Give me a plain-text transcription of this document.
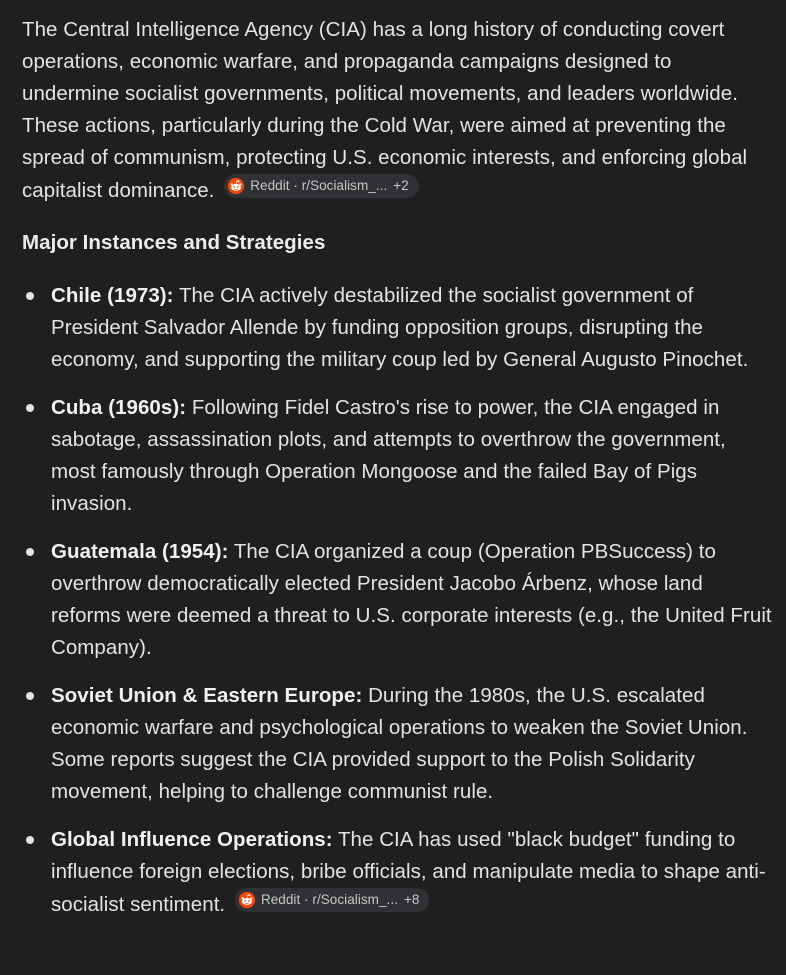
The Central Intelligence Agency (CIA) has a long history of conducting covert operations, economic warfare, and propaganda campaigns designed to undermine socialist governments, political movements, and leaders worldwide. These actions, particularly during the Cold War, were aimed at preventing the spread of communism, protecting U.S. economic interests, and enforcing global capitalist dominance.	Reddit · r/Socialism_... +2

Major Instances and Strategies
Chile (1973): The CIA actively destabilized the socialist government of President Salvador Allende by funding opposition groups, disrupting the economy, and supporting the military coup led by General Augusto Pinochet.
Cuba (1960s): Following Fidel Castro's rise to power, the CIA engaged in sabotage, assassination plots, and attempts to overthrow the government, most famously through Operation Mongoose and the failed Bay of Pigs invasion.
Guatemala (1954): The CIA organized a coup (Operation PBSuccess) to overthrow democratically elected President Jacobo Árbenz, whose land reforms were deemed a threat to U.S. corporate interests (e.g., the United Fruit Company).
Soviet Union & Eastern Europe: During the 1980s, the U.S. escalated economic warfare and psychological operations to weaken the Soviet Union. Some reports suggest the CIA provided support to the Polish Solidarity movement, helping to challenge communist rule.
Global Influence Operations: The CIA has used "black budget" funding to influence foreign elections, bribe officials, and manipulate media to shape anti-socialist sentiment.	Reddit · r/Socialism_... +8
